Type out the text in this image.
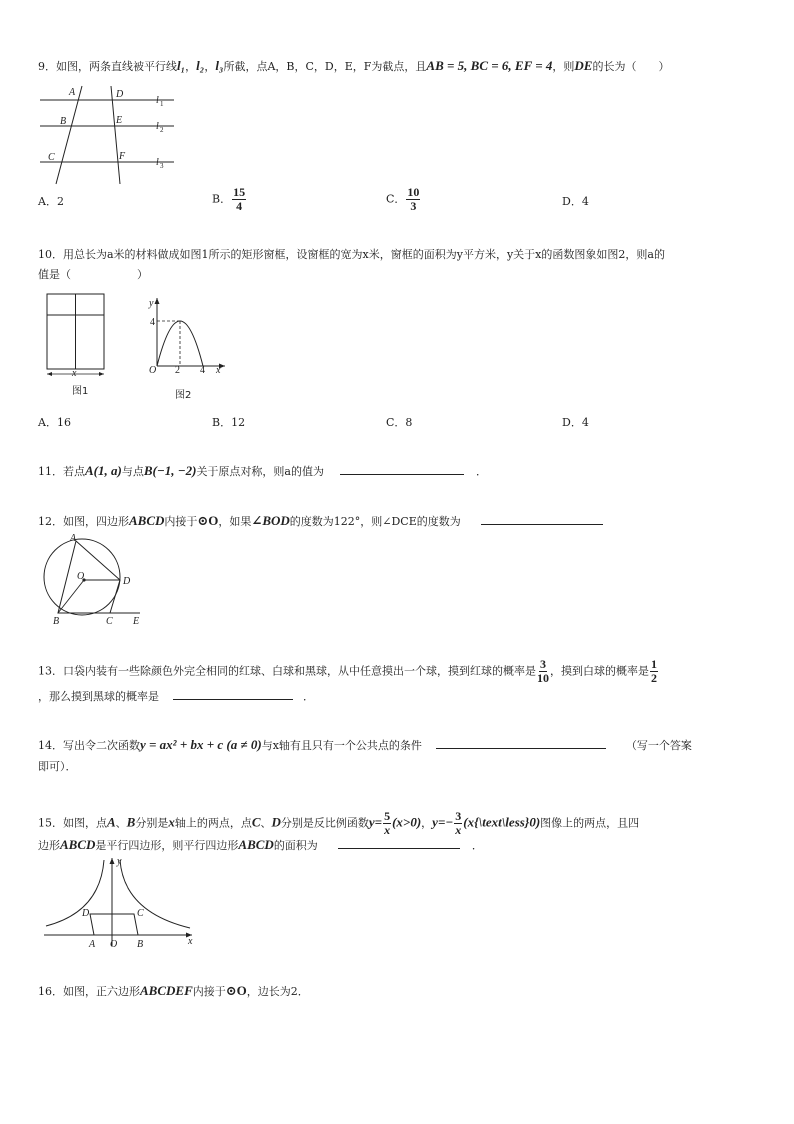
9．如图，两条直线被平行线l₁，l₂，l₃所截，点A，B，C，D，E，F为截点，且AB = 5, BC = 6, EF = 4，则DE的长为（　　）
A	D
B	E
C	F
l 1
l 2
l 3
A．2	B． $\frac{15}{4}$	C． $\frac{10}{3}$	D．4
10．用总长为a米的材料做成如图1所示的矩形窗框，设窗框的宽为x米，窗框的面积为y平方米，y关于x的函数图象如图2，则a的
值是（　　　　　　）
x
图1
y
4
O 2 4 x
图2
A．16	B．12	C．8	D．4
11．若点A(1, a)与点B(−1, −2)关于原点对称，则a的值为	．
12．如图，四边形ABCD内接于⊙O，如果∠BOD的度数为122°，则∠DCE的度数为
A
O	D
B	C E
13．口袋内装有一些除颜色外完全相同的红球、白球和黑球，从中任意摸出一个球，摸到红球的概率是 $\frac{3}{10}$ ，摸到白球的概率是 $\frac{1}{2}$
，那么摸到黑球的概率是	．
14．写出令二次函数y = ax² + bx + c (a ≠ 0)与x轴有且只有一个公共点的条件	（写一个答案
即可）．
15．如图，点A、B分别是x轴上的两点，点C、D分别是反比例函数$y= \frac{5}{x} (x>0)$，$y=- \frac{3}{x}$ (x{\text\less}0)图像上的两点，且四
边形ABCD是平行四边形，则平行四边形ABCD的面积为	．
y
x
D	C
A O B
16．如图，正六边形ABCDEF内接于⊙O，边长为2．
